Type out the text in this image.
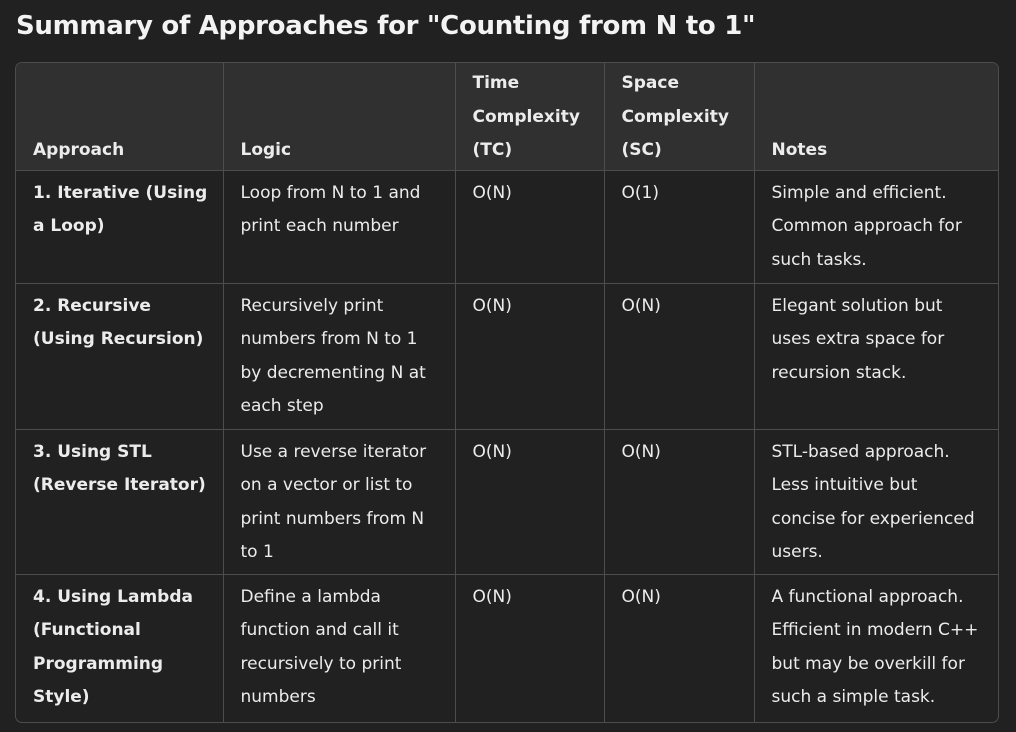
Summary of Approaches for "Counting from N to 1"
Approach	Logic	Time Complexity (TC)	Space Complexity (SC)	Notes
1. Iterative (Using a Loop)	Loop from N to 1 and print each number	O(N)	O(1)	Simple and efficient. Common approach for such tasks.
2. Recursive (Using Recursion)	Recursively print numbers from N to 1 by decrementing N at each step	O(N)	O(N)	Elegant solution but uses extra space for recursion stack.
3. Using STL (Reverse Iterator)	Use a reverse iterator on a vector or list to print numbers from N to 1	O(N)	O(N)	STL-based approach. Less intuitive but concise for experienced users.
4. Using Lambda (Functional Programming Style)	Define a lambda function and call it recursively to print numbers	O(N)	O(N)	A functional approach. Efficient in modern C++ but may be overkill for such a simple task.
